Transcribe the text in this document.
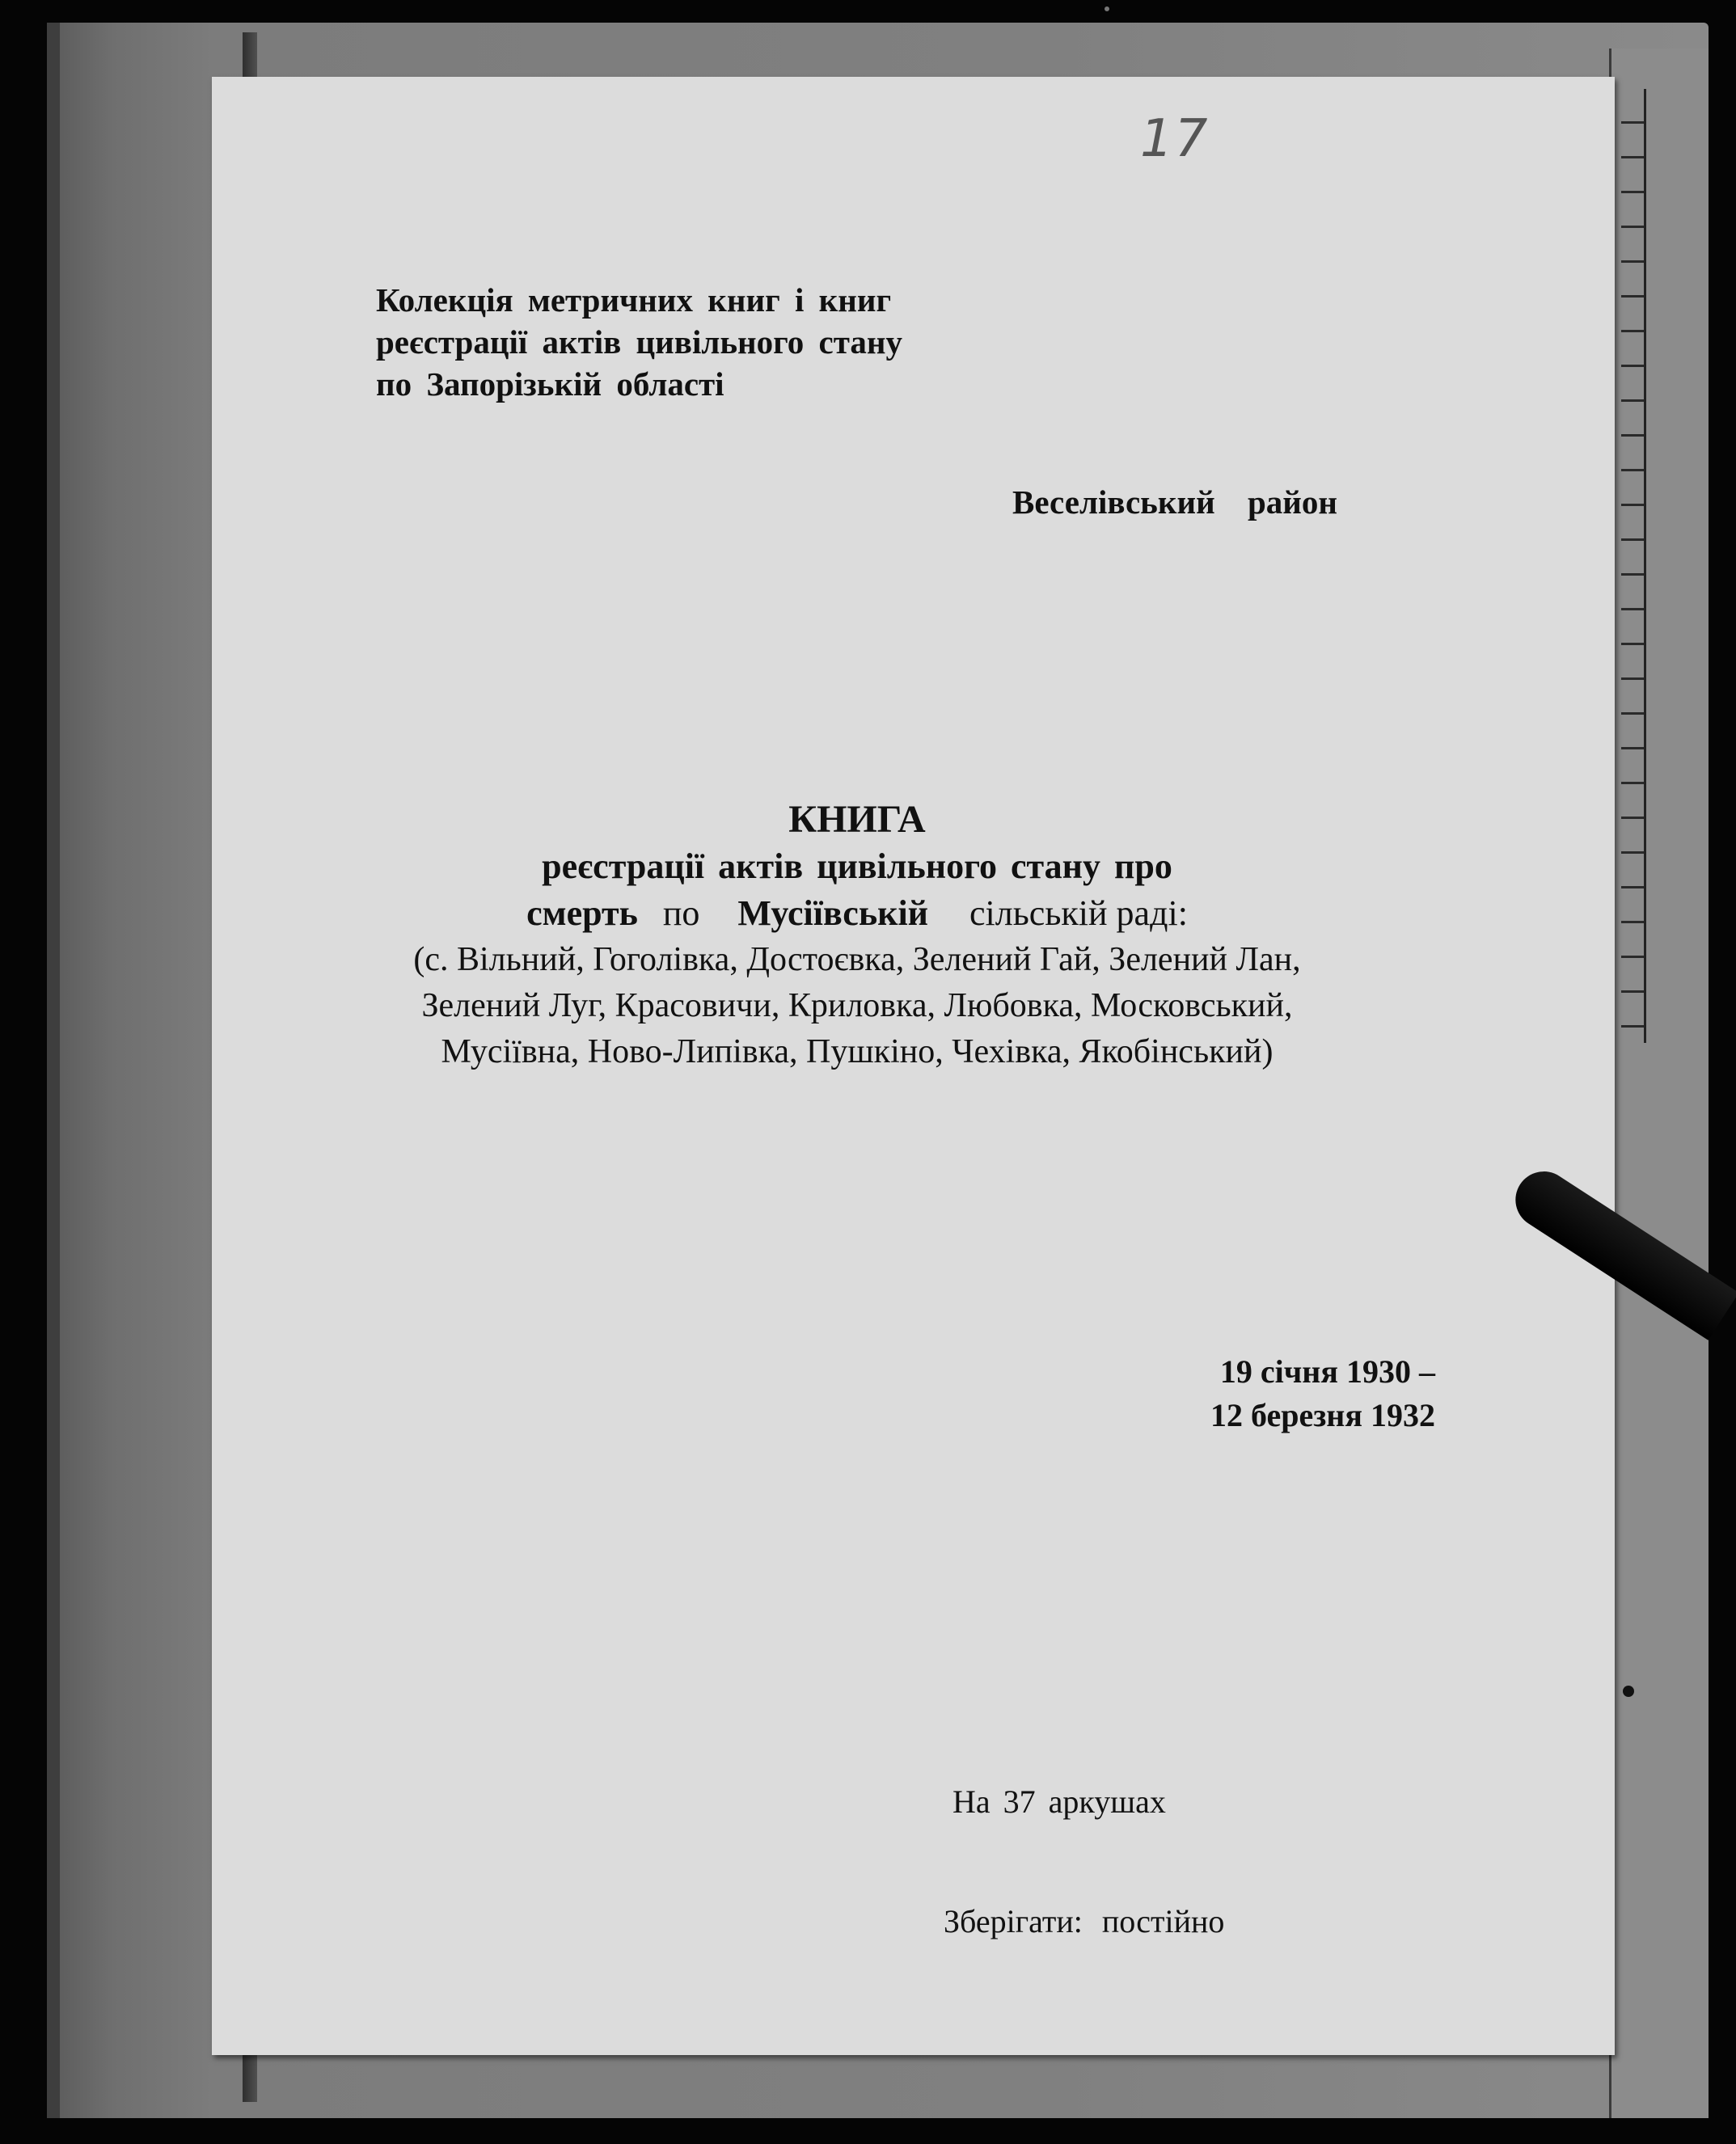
17
Колекція метричних книг і книг
реєстрації актів цивільного стану
по Запорізькій області
Веселівський район
КНИГА
реєстрації актів цивільного стану про
смерть по Мусіївській сільській раді:
(с. Вільний, Гоголівка, Достоєвка, Зелений Гай, Зелений Лан,
Зелений Луг, Красовичи, Криловка, Любовка, Московський,
Мусіївна, Ново-Липівка, Пушкіно, Чехівка, Якобінський)
19 січня 1930 –
12 березня 1932
На 37 аркушах
Зберігати: постійно
